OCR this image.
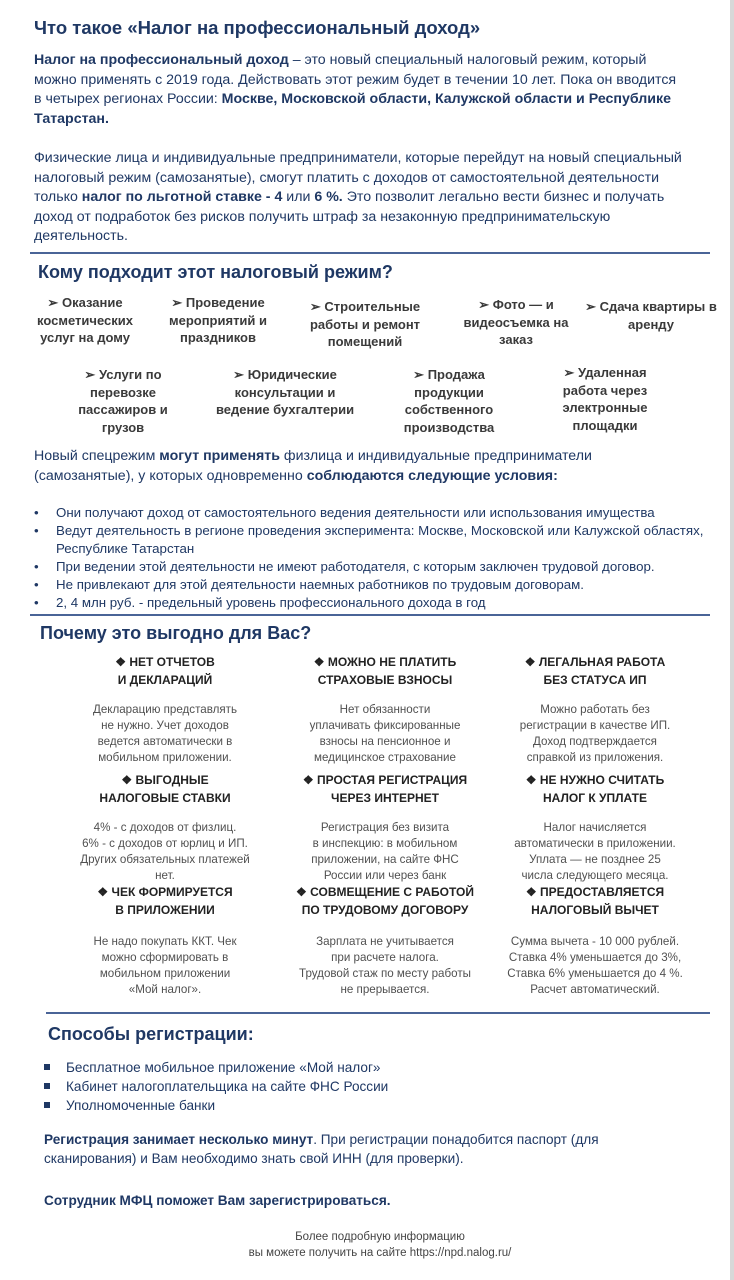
Что такое «Налог на профессиональный доход»
Налог на профессиональный доход – это новый специальный налоговый режим, который можно применять с 2019 года. Действовать этот режим будет в течении 10 лет. Пока он вводится в четырех регионах России: Москве, Московской области, Калужской области и Республике Татарстан.
Физические лица и индивидуальные предприниматели, которые перейдут на новый специальный налоговый режим (самозанятые), смогут платить с доходов от самостоятельной деятельности только налог по льготной ставке - 4 или 6 %. Это позволит легально вести бизнес и получать доход от подработок без рисков получить штраф за незаконную предпринимательскую деятельность.
Кому подходит этот налоговый режим?
➢ Оказание косметических услуг на дому
➢ Проведение мероприятий и праздников
➢ Строительные работы и ремонт помещений
➢ Фото — и видеосъемка на заказ
➢ Сдача квартиры в аренду
➢ Услуги по перевозке пассажиров и грузов
➢ Юридические консультации и ведение бухгалтерии
➢ Продажа продукции собственного производства
➢ Удаленная работа через электронные площадки
Новый спецрежим могут применять физлица и индивидуальные предприниматели (самозанятые), у которых одновременно соблюдаются следующие условия:
• Они получают доход от самостоятельного ведения деятельности или использования имущества
• Ведут деятельность в регионе проведения эксперимента: Москве, Московской или Калужской областях, Республике Татарстан
• При ведении этой деятельности не имеют работодателя, с которым заключен трудовой договор.
• Не привлекают для этой деятельности наемных работников по трудовым договорам.
• 2, 4 млн руб. - предельный уровень профессионального дохода в год
Почему это выгодно для Вас?
❖ НЕТ ОТЧЕТОВ
И ДЕКЛАРАЦИЙ
Декларацию представлять
не нужно. Учет доходов
ведется автоматически в
мобильном приложении.
❖ МОЖНО НЕ ПЛАТИТЬ
СТРАХОВЫЕ ВЗНОСЫ
Нет обязанности
уплачивать фиксированные
взносы на пенсионное и
медицинское страхование
❖ ЛЕГАЛЬНАЯ РАБОТА
БЕЗ СТАТУСА ИП
Можно работать без
регистрации в качестве ИП.
Доход подтверждается
справкой из приложения.
❖ ВЫГОДНЫЕ
НАЛОГОВЫЕ СТАВКИ
4% - с доходов от физлиц.
6% - с доходов от юрлиц и ИП.
Других обязательных платежей
нет.
❖ ПРОСТАЯ РЕГИСТРАЦИЯ
ЧЕРЕЗ ИНТЕРНЕТ
Регистрация без визита
в инспекцию: в мобильном
приложении, на сайте ФНС
России или через банк
❖ НЕ НУЖНО СЧИТАТЬ
НАЛОГ К УПЛАТЕ
Налог начисляется
автоматически в приложении.
Уплата — не позднее 25
числа следующего месяца.
❖ ЧЕК ФОРМИРУЕТСЯ
В ПРИЛОЖЕНИИ
Не надо покупать ККТ. Чек
можно сформировать в
мобильном приложении
«Мой налог».
❖ СОВМЕЩЕНИЕ С РАБОТОЙ
ПО ТРУДОВОМУ ДОГОВОРУ
Зарплата не учитывается
при расчете налога.
Трудовой стаж по месту работы
не прерывается.
❖ ПРЕДОСТАВЛЯЕТСЯ
НАЛОГОВЫЙ ВЫЧЕТ
Сумма вычета - 10 000 рублей.
Ставка 4% уменьшается до 3%,
Ставка 6% уменьшается до 4 %.
Расчет автоматический.
Способы регистрации:
Бесплатное мобильное приложение «Мой налог»
Кабинет налогоплательщика на сайте ФНС России
Уполномоченные банки
Регистрация занимает несколько минут. При регистрации понадобится паспорт (для сканирования) и Вам необходимо знать свой ИНН (для проверки).
Сотрудник МФЦ поможет Вам зарегистрироваться.
Более подробную информацию
вы можете получить на сайте https://npd.nalog.ru/
